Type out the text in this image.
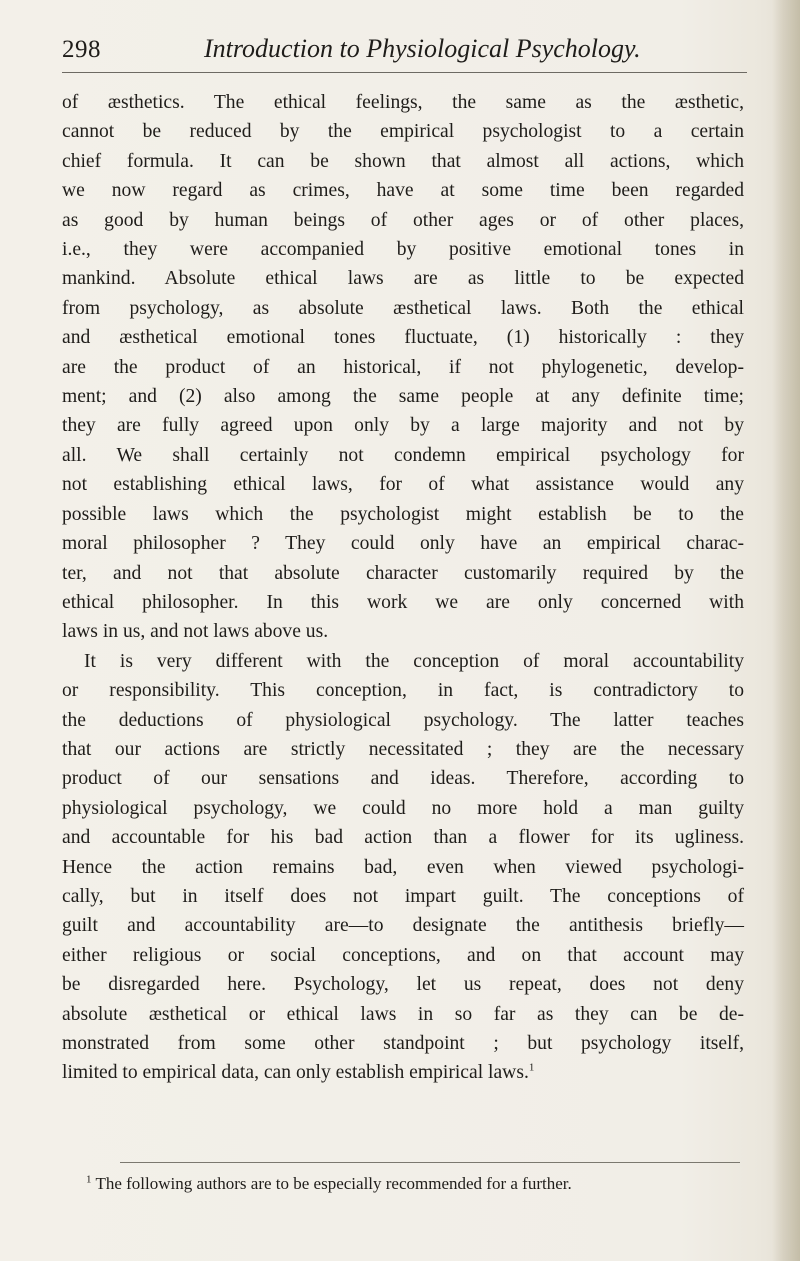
298	Introduction to Physiological Psychology.
of æsthetics. The ethical feelings, the same as the æsthetic,
cannot be reduced by the empirical psychologist to a certain
chief formula. It can be shown that almost all actions, which
we now regard as crimes, have at some time been regarded
as good by human beings of other ages or of other places,
i.e., they were accompanied by positive emotional tones in
mankind. Absolute ethical laws are as little to be expected
from psychology, as absolute æsthetical laws. Both the ethical
and æsthetical emotional tones fluctuate, (1) historically : they
are the product of an historical, if not phylogenetic, develop-
ment; and (2) also among the same people at any definite time;
they are fully agreed upon only by a large majority and not by
all. We shall certainly not condemn empirical psychology for
not establishing ethical laws, for of what assistance would any
possible laws which the psychologist might establish be to the
moral philosopher ? They could only have an empirical charac-
ter, and not that absolute character customarily required by the
ethical philosopher. In this work we are only concerned with
laws in us, and not laws above us.
It is very different with the conception of moral accountability
or responsibility. This conception, in fact, is contradictory to
the deductions of physiological psychology. The latter teaches
that our actions are strictly necessitated ; they are the necessary
product of our sensations and ideas. Therefore, according to
physiological psychology, we could no more hold a man guilty
and accountable for his bad action than a flower for its ugliness.
Hence the action remains bad, even when viewed psychologi-
cally, but in itself does not impart guilt. The conceptions of
guilt and accountability are—to designate the antithesis briefly—
either religious or social conceptions, and on that account may
be disregarded here. Psychology, let us repeat, does not deny
absolute æsthetical or ethical laws in so far as they can be de-
monstrated from some other standpoint ; but psychology itself,
limited to empirical data, can only establish empirical laws.$^1$
$^1$ The following authors are to be especially recommended for a further.
